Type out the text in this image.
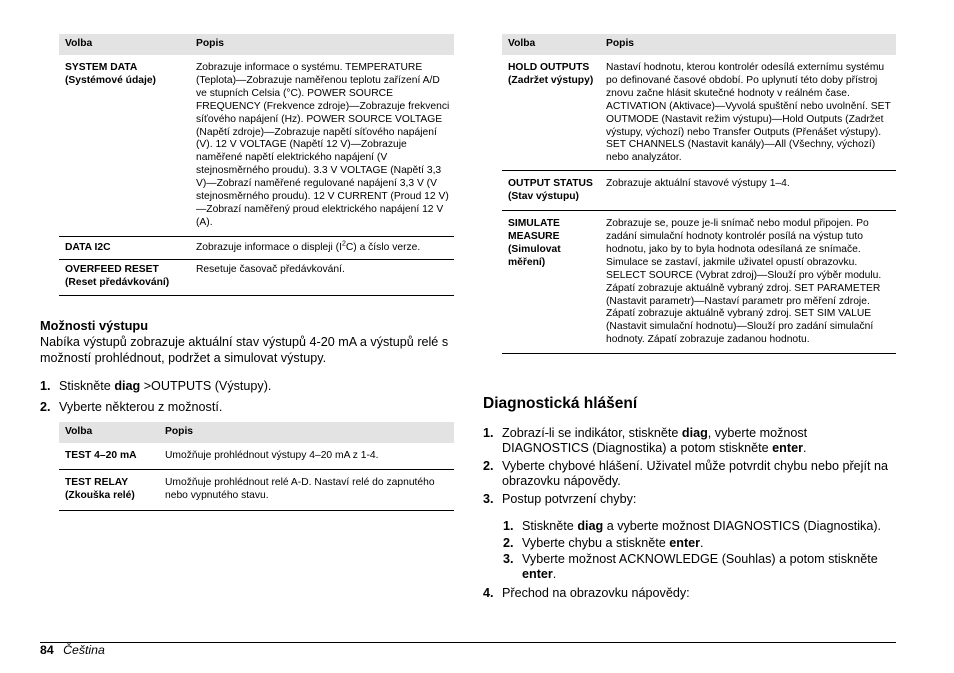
Volba	Popis
SYSTEM DATA (Systémové údaje)	Zobrazuje informace o systému. TEMPERATURE (Teplota)—Zobrazuje naměřenou teplotu zařízení A/D ve stupních Celsia (°C). POWER SOURCE FREQUENCY (Frekvence zdroje)—Zobrazuje frekvenci síťového napájení (Hz). POWER SOURCE VOLTAGE (Napětí zdroje)—Zobrazuje napětí síťového napájení (V). 12 V VOLTAGE (Napětí 12 V)—Zobrazuje naměřené napětí elektrického napájení (V stejnosměrného proudu). 3.3 V VOLTAGE (Napětí 3,3 V)—Zobrazí naměřené regulované napájení 3,3 V (V stejnosměrného proudu). 12 V CURRENT (Proud 12 V)—Zobrazí naměřený proud elektrického napájení 12 V (A).
DATA I2C	Zobrazuje informace o displeji $(I^2C)$ a číslo verze.
OVERFEED RESET (Reset předávkování)	Resetuje časovač předávkování.
Možnosti výstupu

Nabíka výstupů zobrazuje aktuální stav výstupů 4-20 mA a výstupů relé s možností prohlédnout, podržet a simulovat výstupy.

1. Stiskněte diag >OUTPUTS (Výstupy).
2. Vyberte některou z možností.
Volba	Popis
TEST 4–20 mA	Umožňuje prohlédnout výstupy 4–20 mA z 1-4.
TEST RELAY (Zkouška relé)	Umožňuje prohlédnout relé A-D. Nastaví relé do zapnutého nebo vypnutého stavu.
Volba	Popis
HOLD OUTPUTS (Zadržet výstupy)	Nastaví hodnotu, kterou kontrolér odesílá externímu systému po definované časové období. Po uplynutí této doby přístroj znovu začne hlásit skutečné hodnoty v reálném čase. ACTIVATION (Aktivace)—Vyvolá spuštění nebo uvolnění. SET OUTMODE (Nastavit režim výstupu)—Hold Outputs (Zadržet výstupy, výchozí) nebo Transfer Outputs (Přenášet výstupy). SET CHANNELS (Nastavit kanály)—All (Všechny, výchozí) nebo analyzátor.
OUTPUT STATUS (Stav výstupu)	Zobrazuje aktuální stavové výstupy 1–4.
SIMULATE MEASURE (Simulovat měření)	Zobrazuje se, pouze je-li snímač nebo modul připojen. Po zadání simulační hodnoty kontrolér posílá na výstup tuto hodnotu, jako by to byla hodnota odesílaná ze snímače. Simulace se zastaví, jakmile uživatel opustí obrazovku. SELECT SOURCE (Vybrat zdroj)—Slouží pro výběr modulu. Zápatí zobrazuje aktuálně vybraný zdroj. SET PARAMETER (Nastavit parametr)—Nastaví parametr pro měření zdroje. Zápatí zobrazuje aktuálně vybraný zdroj. SET SIM VALUE (Nastavit simulační hodnotu)—Slouží pro zadání simulační hodnoty. Zápatí zobrazuje zadanou hodnotu.
Diagnostická hlášení
1. Zobrazí-li se indikátor, stiskněte diag, vyberte možnost DIAGNOSTICS (Diagnostika) a potom stiskněte enter.
2. Vyberte chybové hlášení. Uživatel může potvrdit chybu nebo přejít na obrazovku nápovědy.
3. Postup potvrzení chyby:
1. Stiskněte diag a vyberte možnost DIAGNOSTICS (Diagnostika).
2. Vyberte chybu a stiskněte enter.
3. Vyberte možnost ACKNOWLEDGE (Souhlas) a potom stiskněte enter.
4. Přechod na obrazovku nápovědy:
84 Čeština
